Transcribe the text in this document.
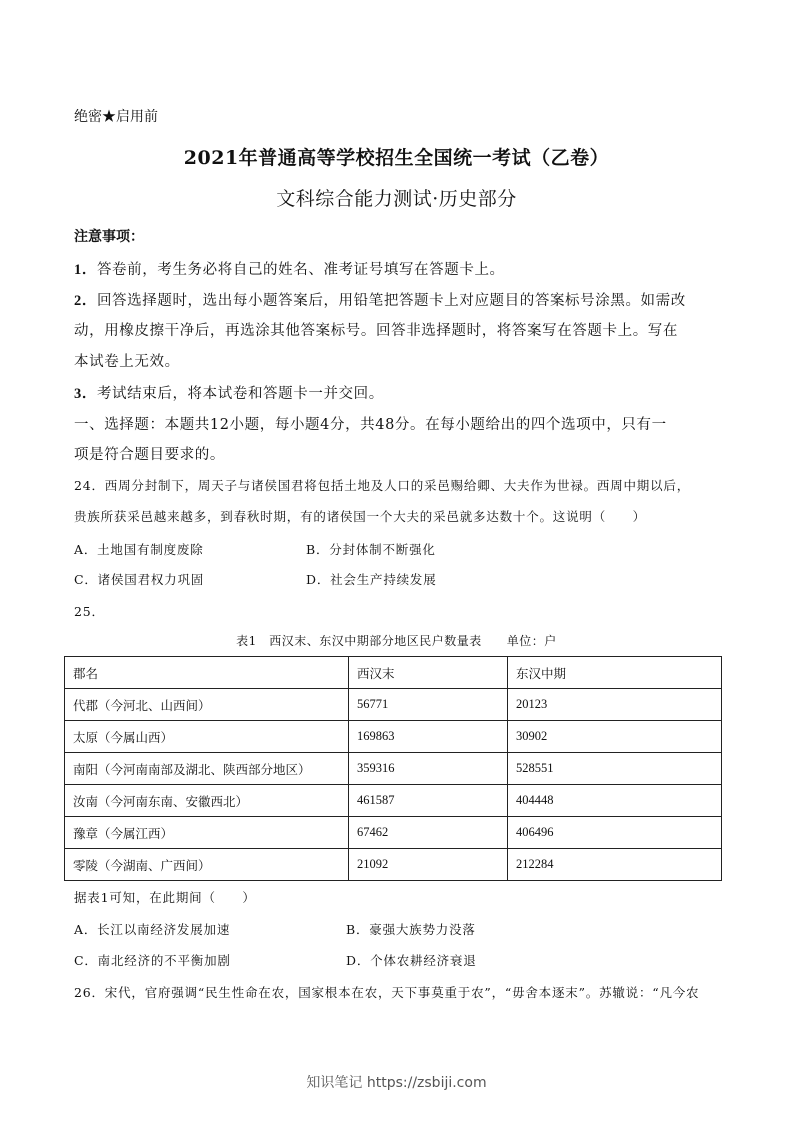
绝密★启用前
2021年普通高等学校招生全国统一考试（乙卷）
文科综合能力测试·历史部分
注意事项：
1．答卷前，考生务必将自己的姓名、准考证号填写在答题卡上。
2．回答选择题时，选出每小题答案后，用铅笔把答题卡上对应题目的答案标号涂黑。如需改
动，用橡皮擦干净后，再选涂其他答案标号。回答非选择题时，将答案写在答题卡上。写在
本试卷上无效。
3．考试结束后，将本试卷和答题卡一并交回。
一、选择题：本题共12小题，每小题4分，共48分。在每小题给出的四个选项中，只有一
项是符合题目要求的。
24．西周分封制下，周天子与诸侯国君将包括土地及人口的采邑赐给卿、大夫作为世禄。西周中期以后，
贵族所获采邑越来越多，到春秋时期，有的诸侯国一个大夫的采邑就多达数十个。这说明（　　）
A．土地国有制度废除	B．分封体制不断强化
C．诸侯国君权力巩固	D．社会生产持续发展
25．
表1　西汉末、东汉中期部分地区民户数量表　　单位：户
郡名	西汉末	东汉中期
代郡（今河北、山西间）	56771	20123
太原（今属山西）	169863	30902
南阳（今河南南部及湖北、陕西部分地区）	359316	528551
汝南（今河南东南、安徽西北）	461587	404448
豫章（今属江西）	67462	406496
零陵（今湖南、广西间）	21092	212284
据表1可知，在此期间（　　）
A．长江以南经济发展加速	B．豪强大族势力没落
C．南北经济的不平衡加剧	D．个体农耕经济衰退
26．宋代，官府强调“民生性命在农，国家根本在农，天下事莫重于农”，“毋舍本逐末”。苏辙说：“凡今农
知识笔记 https://zsbiji.com
